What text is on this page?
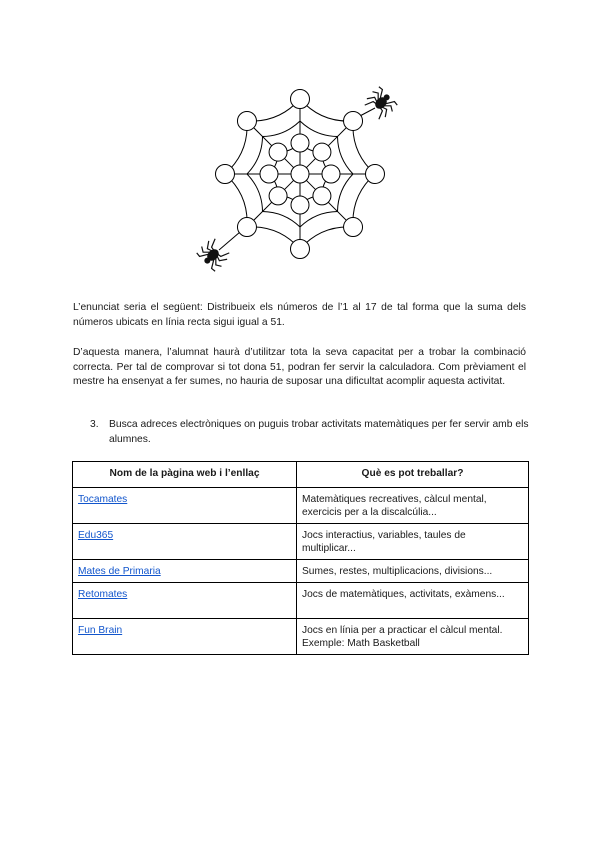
L’enunciat seria el següent: Distribueix els números de l’1 al 17 de tal forma que la suma dels números ubicats en línia recta sigui igual a 51.

D’aquesta manera, l’alumnat haurà d’utilitzar tota la seva capacitat per a trobar la combinació correcta. Per tal de comprovar si tot dona 51, podran fer servir la calculadora. Com prèviament el mestre ha ensenyat a fer sumes, no hauria de suposar una dificultat acomplir aquesta activitat.

3. Busca adreces electròniques on puguis trobar activitats matemàtiques per fer servir amb els alumnes.
Nom de la pàgina web i l’enllaç	Què es pot treballar?
Tocamates	Matemàtiques recreatives, càlcul mental, exercicis per a la discalcúlia...
Edu365	Jocs interactius, variables, taules de multiplicar...
Mates de Primaria	Sumes, restes, multiplicacions, divisions...
Retomates	Jocs de matemàtiques, activitats, exàmens...
Fun Brain	Jocs en línia per a practicar el càlcul mental. Exemple: Math Basketball
